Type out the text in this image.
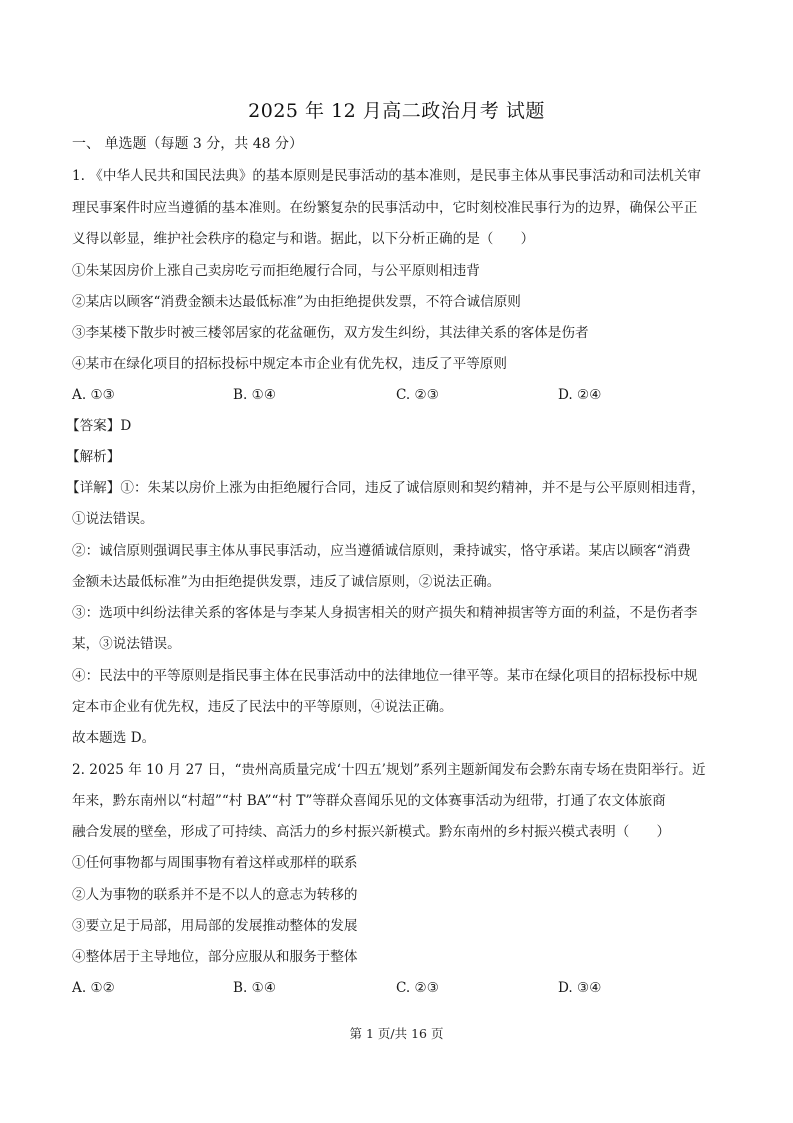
2025 年 12 月高二政治月考 试题
一、 单选题（每题 3 分，共 48 分）
1. 《中华人民共和国民法典》的基本原则是民事活动的基本准则，是民事主体从事民事活动和司法机关审
理民事案件时应当遵循的基本准则。在纷繁复杂的民事活动中，它时刻校准民事行为的边界，确保公平正
义得以彰显，维护社会秩序的稳定与和谐。据此，以下分析正确的是（　　）
①朱某因房价上涨自己卖房吃亏而拒绝履行合同，与公平原则相违背
②某店以顾客“消费金额未达最低标准”为由拒绝提供发票，不符合诚信原则
③李某楼下散步时被三楼邻居家的花盆砸伤，双方发生纠纷，其法律关系的客体是伤者
④某市在绿化项目的招标投标中规定本市企业有优先权，违反了平等原则
A. ①③	B. ①④	C. ②③	D. ②④
【答案】D
【解析】
【详解】①：朱某以房价上涨为由拒绝履行合同，违反了诚信原则和契约精神，并不是与公平原则相违背，
①说法错误。
②：诚信原则强调民事主体从事民事活动，应当遵循诚信原则，秉持诚实，恪守承诺。某店以顾客“消费
金额未达最低标准”为由拒绝提供发票，违反了诚信原则，②说法正确。
③：选项中纠纷法律关系的客体是与李某人身损害相关的财产损失和精神损害等方面的利益，不是伤者李
某，③说法错误。
④：民法中的平等原则是指民事主体在民事活动中的法律地位一律平等。某市在绿化项目的招标投标中规
定本市企业有优先权，违反了民法中的平等原则，④说法正确。
故本题选 D。
2. 2025 年 10 月 27 日，“贵州高质量完成‘十四五’规划”系列主题新闻发布会黔东南专场在贵阳举行。近
年来，黔东南州以“村超”“村 BA”“村 T”等群众喜闻乐见的文体赛事活动为纽带，打通了农文体旅商
融合发展的壁垒，形成了可持续、高活力的乡村振兴新模式。黔东南州的乡村振兴模式表明（　　）
①任何事物都与周围事物有着这样或那样的联系
②人为事物的联系并不是不以人的意志为转移的
③要立足于局部，用局部的发展推动整体的发展
④整体居于主导地位，部分应服从和服务于整体
A. ①②	B. ①④	C. ②③	D. ③④
第 1 页/共 16 页
